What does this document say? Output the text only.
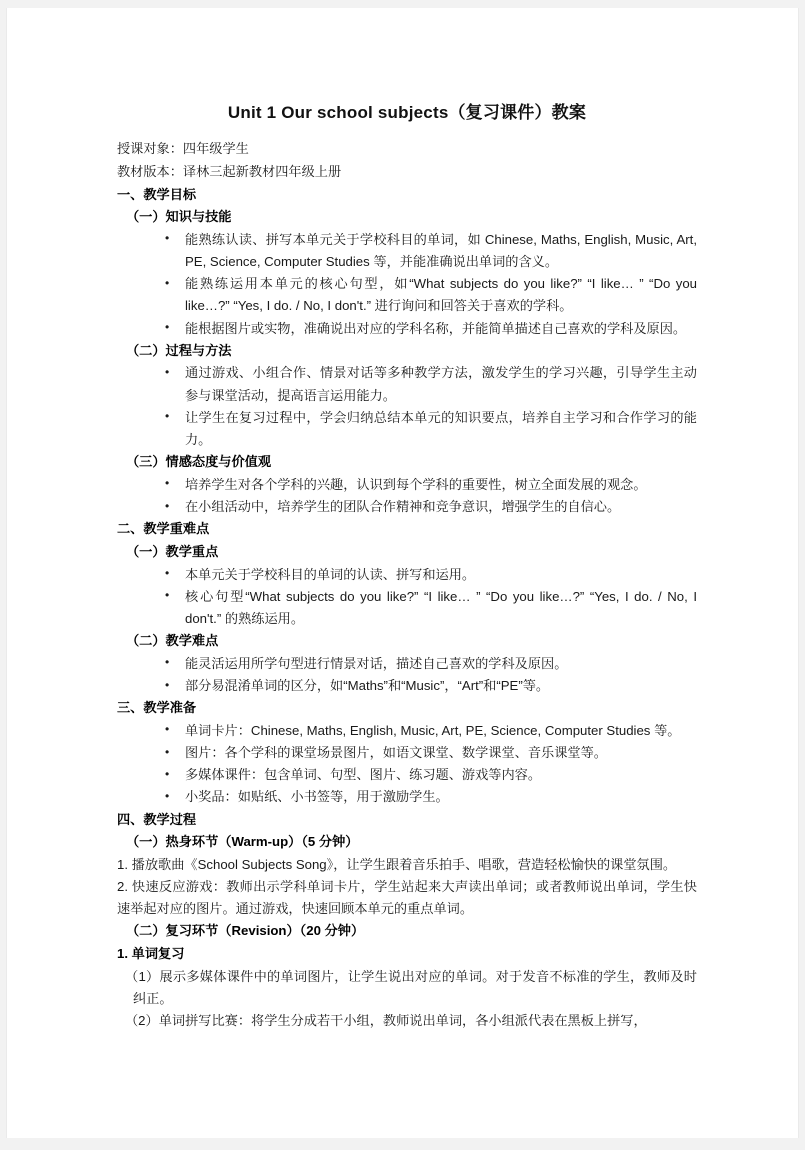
Unit 1 Our school subjects（复习课件）教案

授课对象：四年级学生

教材版本：译林三起新教材四年级上册

一、教学目标
（一）知识与技能
• 能熟练认读、拼写本单元关于学校科目的单词，如 Chinese, Maths, English, Music, Art, PE, Science, Computer Studies 等，并能准确说出单词的含义。
• 能熟练运用本单元的核心句型，如“What subjects do you like?” “I like… ” “Do you like…?” “Yes, I do. / No, I don't.” 进行询问和回答关于喜欢的学科。
• 能根据图片或实物，准确说出对应的学科名称，并能简单描述自己喜欢的学科及原因。
（二）过程与方法
• 通过游戏、小组合作、情景对话等多种教学方法，激发学生的学习兴趣，引导学生主动参与课堂活动，提高语言运用能力。
• 让学生在复习过程中，学会归纳总结本单元的知识要点，培养自主学习和合作学习的能力。
（三）情感态度与价值观
• 培养学生对各个学科的兴趣，认识到每个学科的重要性，树立全面发展的观念。
• 在小组活动中，培养学生的团队合作精神和竞争意识，增强学生的自信心。
二、教学重难点
（一）教学重点
• 本单元关于学校科目的单词的认读、拼写和运用。
• 核心句型“What subjects do you like?” “I like… ” “Do you like…?” “Yes, I do. / No, I don't.” 的熟练运用。
（二）教学难点
• 能灵活运用所学句型进行情景对话，描述自己喜欢的学科及原因。
• 部分易混淆单词的区分，如“Maths”和“Music”，“Art”和“PE”等。
三、教学准备
• 单词卡片：Chinese, Maths, English, Music, Art, PE, Science, Computer Studies 等。
• 图片：各个学科的课堂场景图片，如语文课堂、数学课堂、音乐课堂等。
• 多媒体课件：包含单词、句型、图片、练习题、游戏等内容。
• 小奖品：如贴纸、小书签等，用于激励学生。
四、教学过程
（一）热身环节（Warm-up）（5 分钟）

1. 播放歌曲《School Subjects Song》，让学生跟着音乐拍手、唱歌，营造轻松愉快的课堂氛围。

2. 快速反应游戏：教师出示学科单词卡片，学生站起来大声读出单词；或者教师说出单词，学生快速举起对应的图片。通过游戏，快速回顾本单元的重点单词。

（二）复习环节（Revision）（20 分钟）
1. 单词复习

（1）展示多媒体课件中的单词图片，让学生说出对应的单词。对于发音不标准的学生，教师及时纠正。

（2）单词拼写比赛：将学生分成若干小组，教师说出单词，各小组派代表在黑板上拼写，
